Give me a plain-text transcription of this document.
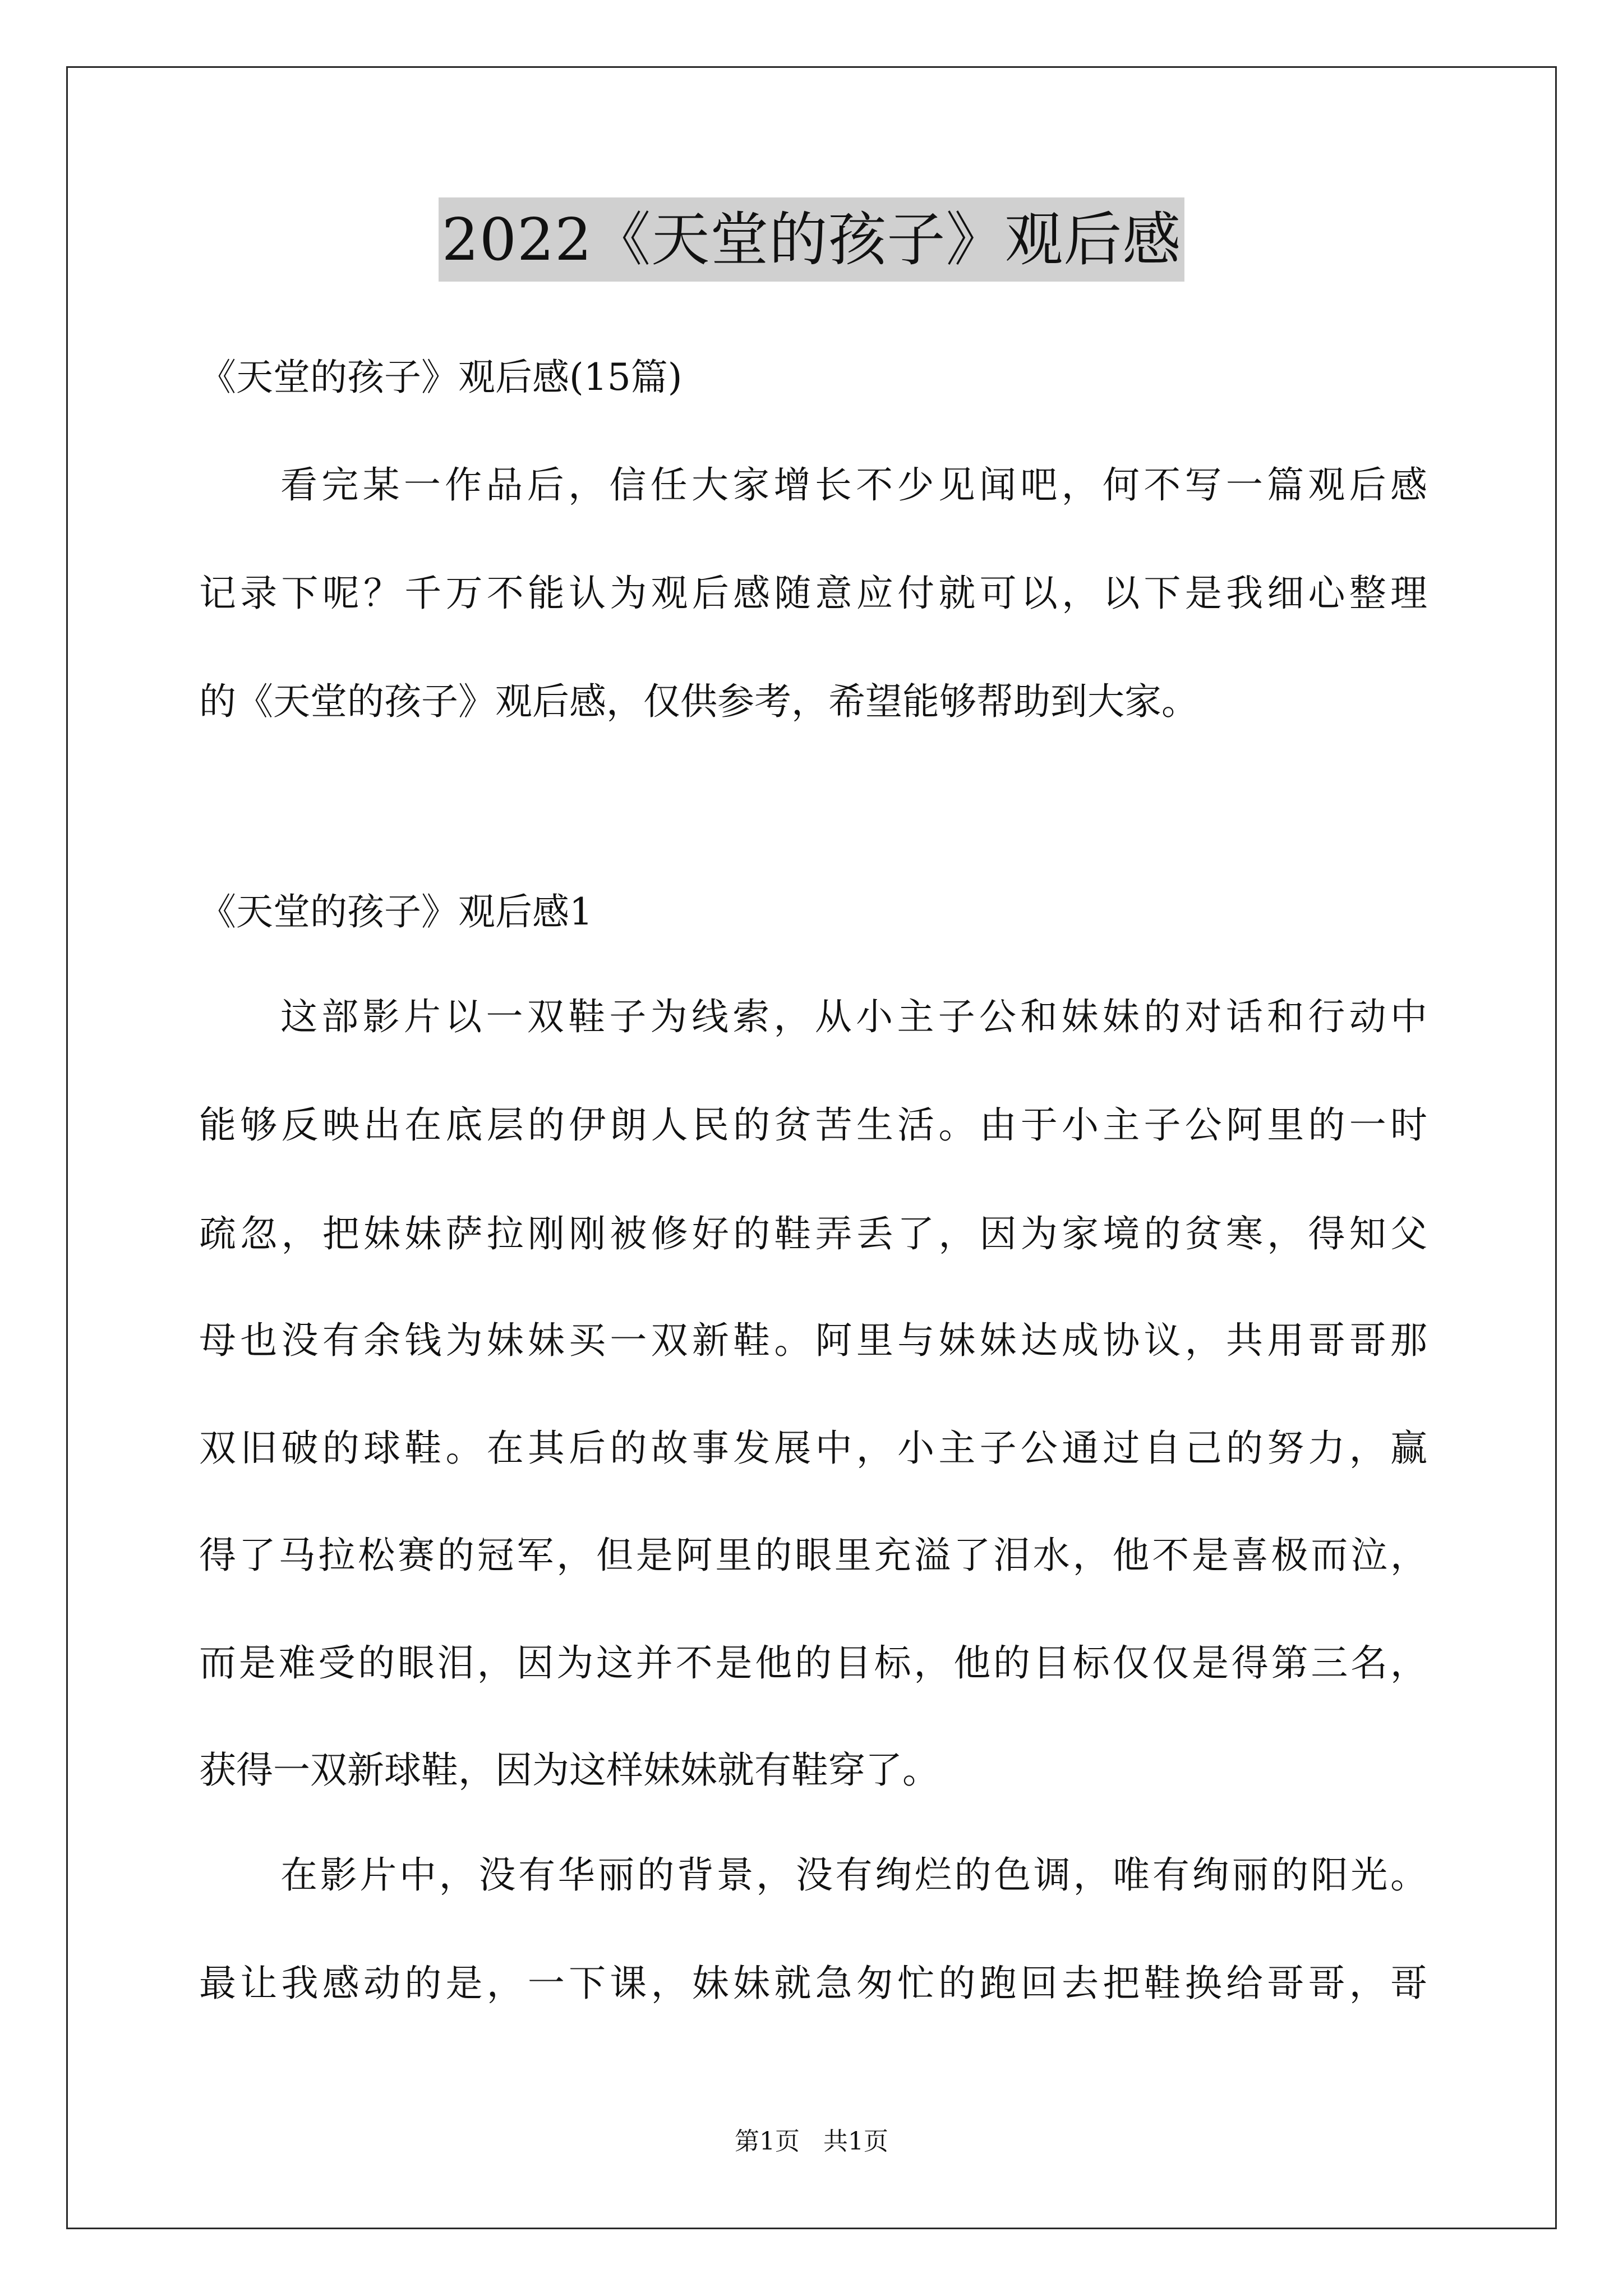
2022《天堂的孩子》观后感

《天堂的孩子》观后感(15篇)

看完某一作品后，信任大家增长不少见闻吧，何不写一篇观后感

记录下呢？千万不能认为观后感随意应付就可以，以下是我细心整理

的《天堂的孩子》观后感，仅供参考，希望能够帮助到大家。

《天堂的孩子》观后感1

这部影片以一双鞋子为线索，从小主子公和妹妹的对话和行动中

能够反映出在底层的伊朗人民的贫苦生活。由于小主子公阿里的一时

疏忽，把妹妹萨拉刚刚被修好的鞋弄丢了，因为家境的贫寒，得知父

母也没有余钱为妹妹买一双新鞋。阿里与妹妹达成协议，共用哥哥那

双旧破的球鞋。在其后的故事发展中，小主子公通过自己的努力，赢

得了马拉松赛的冠军，但是阿里的眼里充溢了泪水，他不是喜极而泣，

而是难受的眼泪，因为这并不是他的目标，他的目标仅仅是得第三名，

获得一双新球鞋，因为这样妹妹就有鞋穿了。

在影片中，没有华丽的背景，没有绚烂的色调，唯有绚丽的阳光。

最让我感动的是，一下课，妹妹就急匆忙的跑回去把鞋换给哥哥，哥

第1页   共1页
